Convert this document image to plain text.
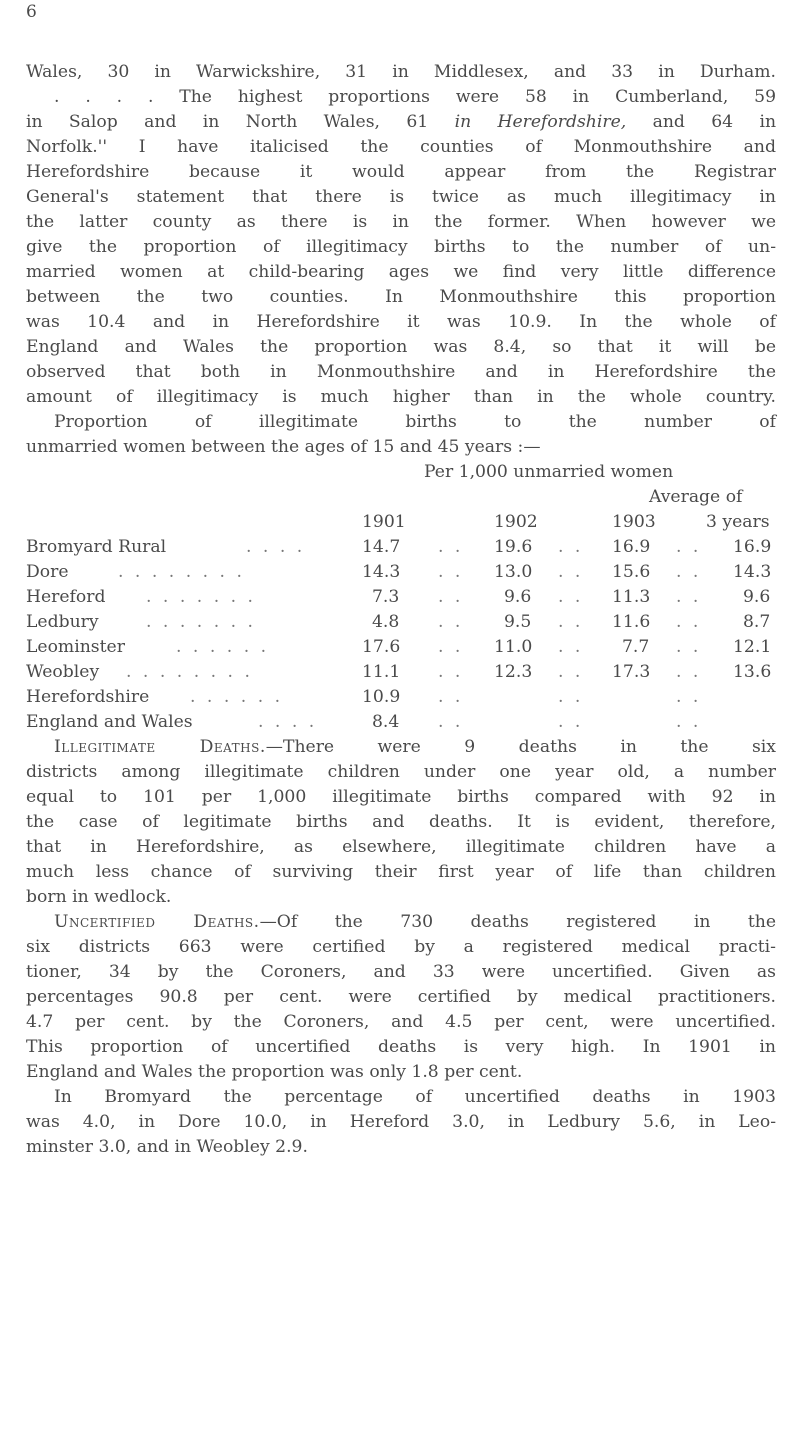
6
Wales, 30 in Warwickshire, 31 in Middlesex, and 33 in Durham.
. . . . The highest proportions were 58 in Cumberland, 59
in Salop and in North Wales, 61 in Herefordshire, and 64 in
Norfolk.'' I have italicised the counties of Monmouthshire and
Herefordshire because it would appear from the Registrar
General's statement that there is twice as much illegitimacy in
the latter county as there is in the former. When however we
give the proportion of illegitimacy births to the number of un-
married women at child-bearing ages we find very little difference
between the two counties. In Monmouthshire this proportion
was 10.4 and in Herefordshire it was 10.9. In the whole of
England and Wales the proportion was 8.4, so that it will be
observed that both in Monmouthshire and in Herefordshire the
amount of illegitimacy is much higher than in the whole country.
Proportion of illegitimate births to the number of
unmarried women between the ages of 15 and 45 years :—
Per 1,000 unmarried women
Average of
1901	1902	1903	3 years
Bromyard Rural	. . . .	14.7 . . 19.6 . . 16.9 . . 16.9
Dore	. . . . . . . .	14.3 . . 13.0 . . 15.6 . . 14.3
Hereford . . . . . . .	7.3 . . 9.6 . . 11.3 . . 9.6
Ledbury	. . . . . . .	4.8 . . 9.5 . . 11.6 . . 8.7
Leominster	. . . . . .	17.6 . . 11.0 . . 7.7 . . 12.1
Weobley . . . . . . . .	11.1 . . 12.3 . . 17.3 . . 13.6
Herefordshire . . . . . .	10.9 . .	. .	. .
England and Wales	. . . .	8.4 . .	. .	. .
Illegitimate Deaths.—There were 9 deaths in the six
districts among illegitimate children under one year old, a number
equal to 101 per 1,000 illegitimate births compared with 92 in
the case of legitimate births and deaths. It is evident, therefore,
that in Herefordshire, as elsewhere, illegitimate children have a
much less chance of surviving their first year of life than children
born in wedlock.
Uncertified Deaths.—Of the 730 deaths registered in the
six districts 663 were certified by a registered medical practi-
tioner, 34 by the Coroners, and 33 were uncertified. Given as
percentages 90.8 per cent. were certified by medical practitioners.
4.7 per cent. by the Coroners, and 4.5 per cent, were uncertified.
This proportion of uncertified deaths is very high. In 1901 in
England and Wales the proportion was only 1.8 per cent.
In Bromyard the percentage of uncertified deaths in 1903
was 4.0, in Dore 10.0, in Hereford 3.0, in Ledbury 5.6, in Leo-
minster 3.0, and in Weobley 2.9.
